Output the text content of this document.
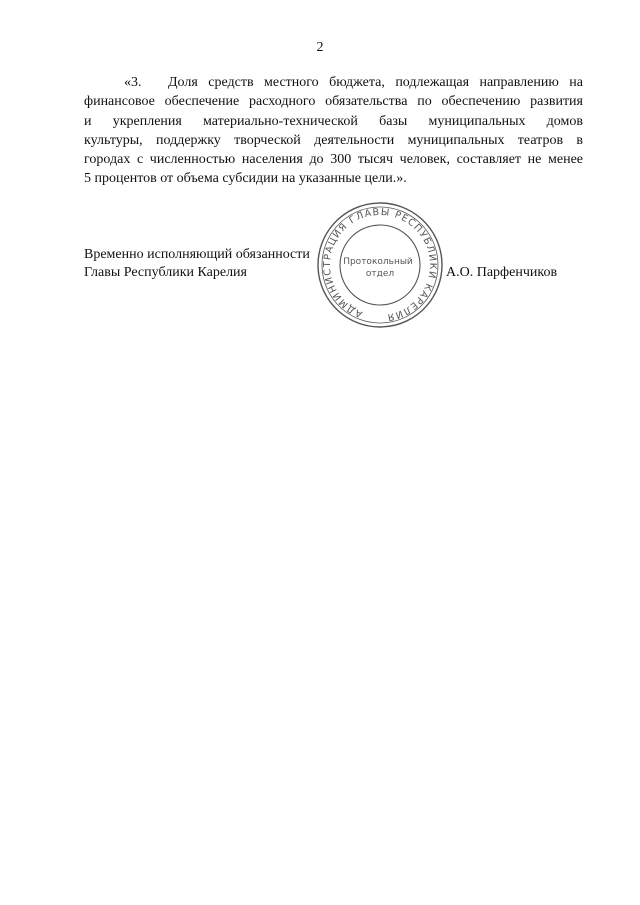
2
«3. Доля средств местного бюджета, подлежащая направлению на
финансовое обеспечение расходного обязательства по обеспечению развития
и укрепления материально-технической базы муниципальных домов
культуры, поддержку творческой деятельности муниципальных театров в
городах с численностью населения до 300 тысяч человек, составляет не менее
5 процентов от объема субсидии на указанные цели.».
Временно исполняющий обязанности
Главы Республики Карелия	А.О. Парфенчиков
АДМИНИСТРАЦИЯ ГЛАВЫ РЕСПУБЛИКИ КАРЕЛИЯ
Протокольный
отдел
